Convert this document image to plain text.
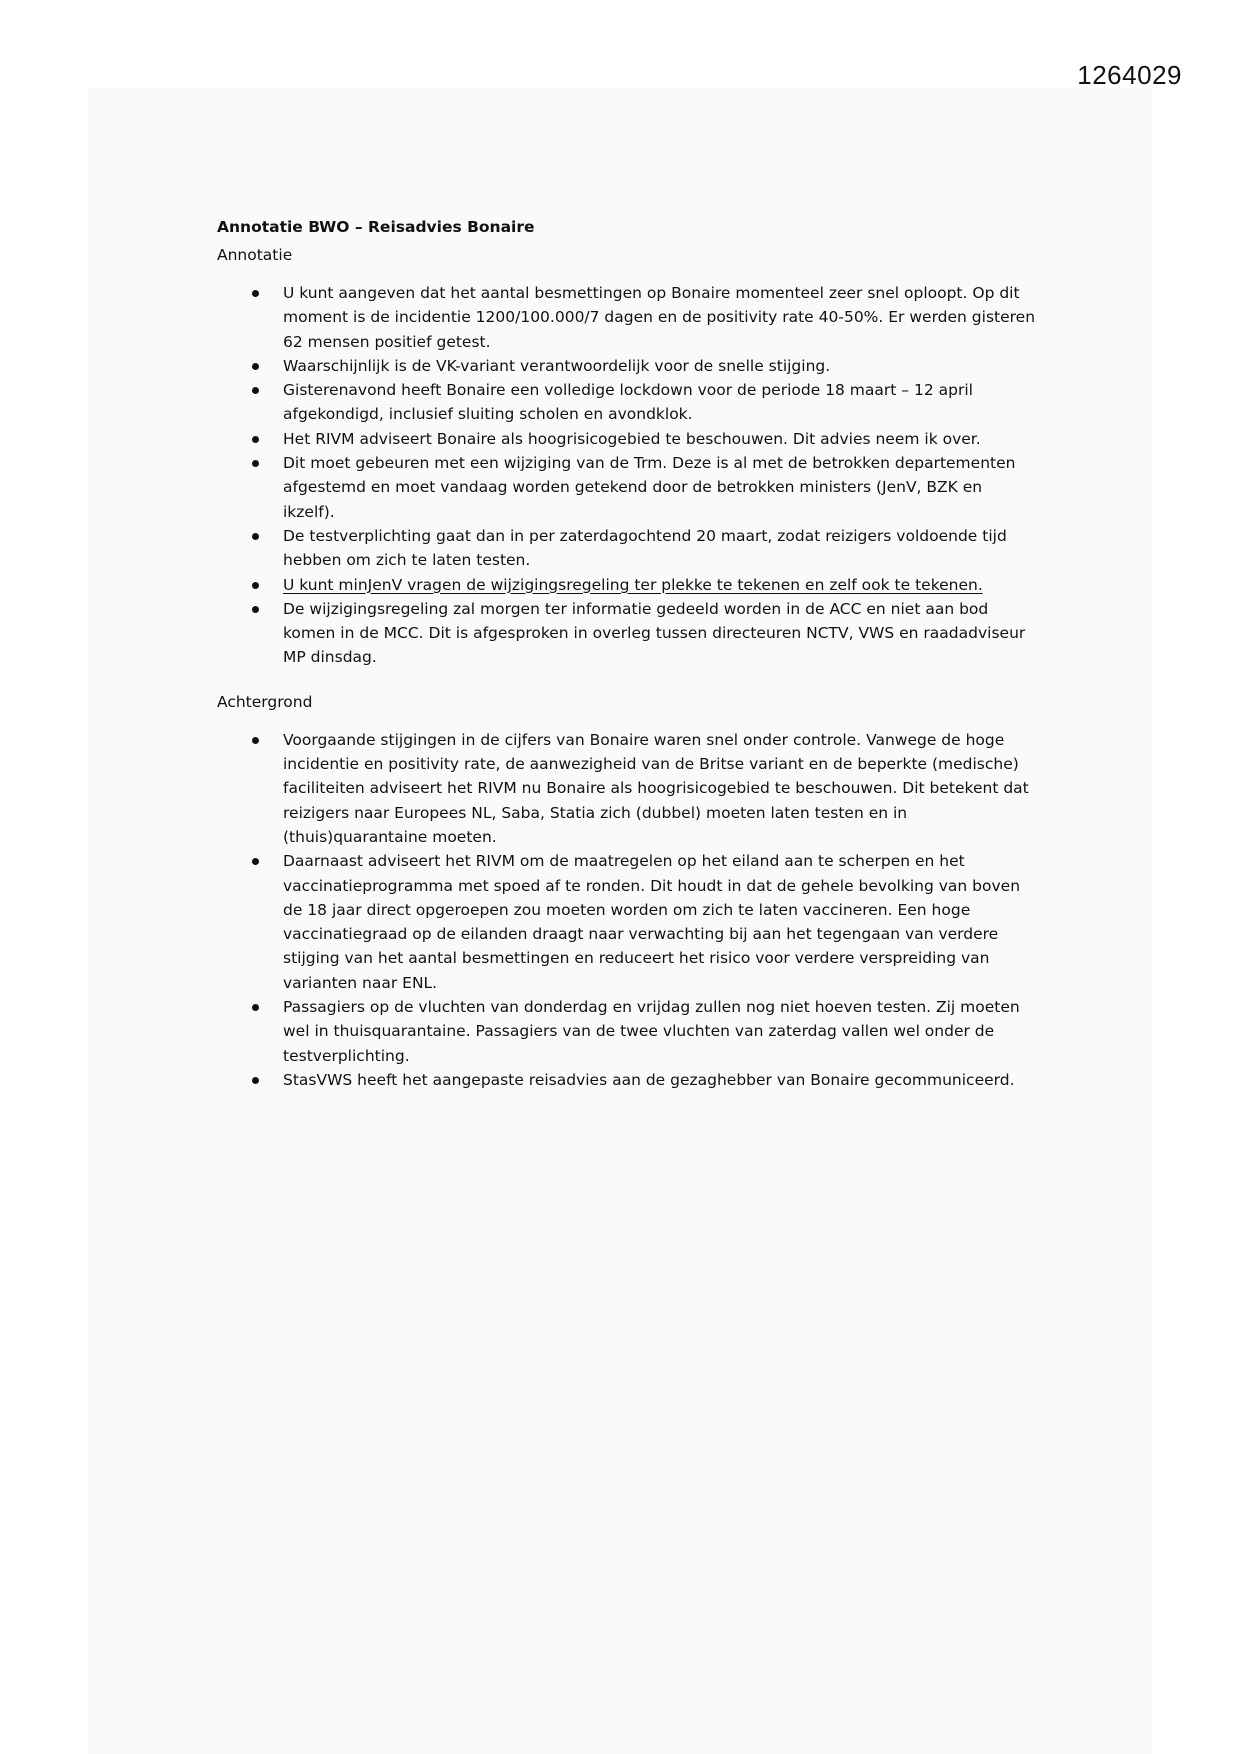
1264029
Annotatie BWO – Reisadvies Bonaire

Annotatie

U kunt aangeven dat het aantal besmettingen op Bonaire momenteel zeer snel oploopt. Op dit moment is de incidentie 1200/100.000/7 dagen en de positivity rate 40-50%. Er werden gisteren 62 mensen positief getest.
Waarschijnlijk is de VK-variant verantwoordelijk voor de snelle stijging.
Gisterenavond heeft Bonaire een volledige lockdown voor de periode 18 maart – 12 april afgekondigd, inclusief sluiting scholen en avondklok.
Het RIVM adviseert Bonaire als hoogrisicogebied te beschouwen. Dit advies neem ik over.
Dit moet gebeuren met een wijziging van de Trm. Deze is al met de betrokken departementen afgestemd en moet vandaag worden getekend door de betrokken ministers (JenV, BZK en ikzelf).
De testverplichting gaat dan in per zaterdagochtend 20 maart, zodat reizigers voldoende tijd hebben om zich te laten testen.
U kunt minJenV vragen de wijzigingsregeling ter plekke te tekenen en zelf ook te tekenen.
De wijzigingsregeling zal morgen ter informatie gedeeld worden in de ACC en niet aan bod komen in de MCC. Dit is afgesproken in overleg tussen directeuren NCTV, VWS en raadadviseur MP dinsdag.

Achtergrond

Voorgaande stijgingen in de cijfers van Bonaire waren snel onder controle. Vanwege de hoge incidentie en positivity rate, de aanwezigheid van de Britse variant en de beperkte (medische) faciliteiten adviseert het RIVM nu Bonaire als hoogrisicogebied te beschouwen. Dit betekent dat reizigers naar Europees NL, Saba, Statia zich (dubbel) moeten laten testen en in (thuis)quarantaine moeten.
Daarnaast adviseert het RIVM om de maatregelen op het eiland aan te scherpen en het vaccinatieprogramma met spoed af te ronden. Dit houdt in dat de gehele bevolking van boven de 18 jaar direct opgeroepen zou moeten worden om zich te laten vaccineren. Een hoge vaccinatiegraad op de eilanden draagt naar verwachting bij aan het tegengaan van verdere stijging van het aantal besmettingen en reduceert het risico voor verdere verspreiding van varianten naar ENL.
Passagiers op de vluchten van donderdag en vrijdag zullen nog niet hoeven testen. Zij moeten wel in thuisquarantaine. Passagiers van de twee vluchten van zaterdag vallen wel onder de testverplichting.
StasVWS heeft het aangepaste reisadvies aan de gezaghebber van Bonaire gecommuniceerd.
